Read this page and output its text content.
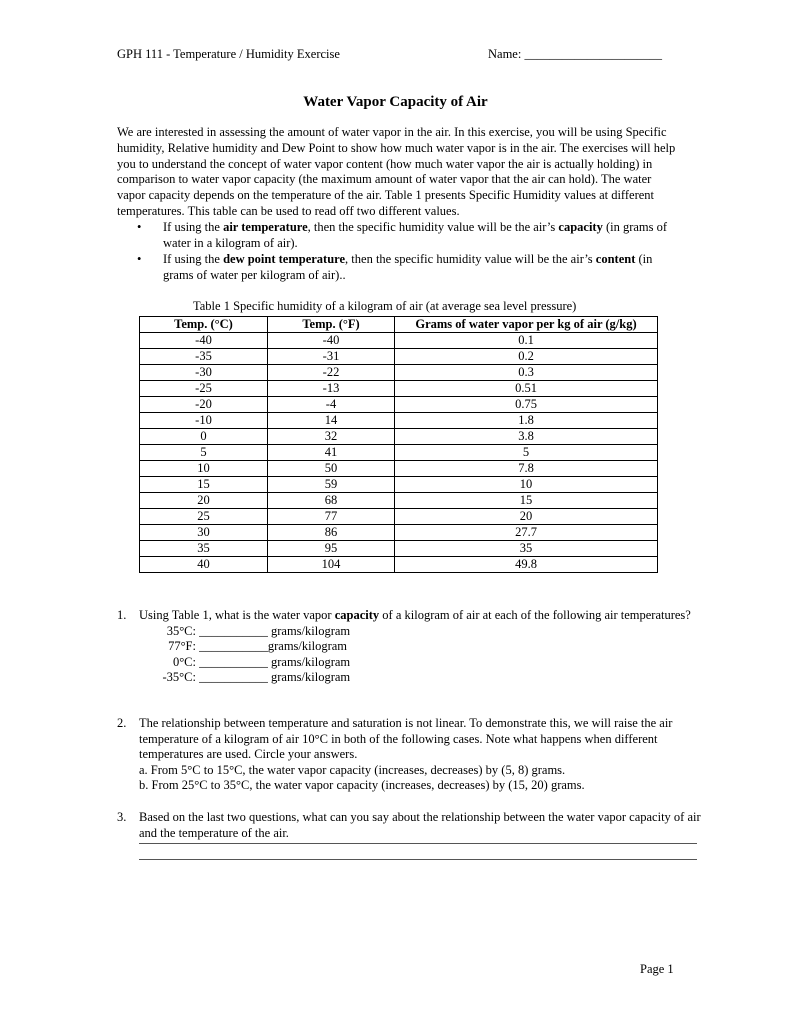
GPH 111 - Temperature / Humidity Exercise	Name: ______________________
Water Vapor Capacity of Air

We are interested in assessing the amount of water vapor in the air. In this exercise, you will be using Specific humidity, Relative humidity and Dew Point to show how much water vapor is in the air. The exercises will help you to understand the concept of water vapor content (how much water vapor the air is actually holding) in comparison to water vapor capacity (the maximum amount of water vapor that the air can hold). The water vapor capacity depends on the temperature of the air. Table 1 presents Specific Humidity values at different temperatures. This table can be used to read off two different values.

• If using the air temperature, then the specific humidity value will be the air’s capacity (in grams of water in a kilogram of air).
• If using the dew point temperature, then the specific humidity value will be the air’s content (in grams of water per kilogram of air)..
Table 1 Specific humidity of a kilogram of air (at average sea level pressure)
Temp. (°C)	Temp. (°F)	Grams of water vapor per kg of air (g/kg)
-40	-40	0.1
-35	-31	0.2
-30	-22	0.3
-25	-13	0.51
-20	-4	0.75
-10	14	1.8
0	32	3.8
5	41	5
10	50	7.8
15	59	10
20	68	15
25	77	20
30	86	27.7
35	95	35
40	104	49.8
1. Using Table 1, what is the water vapor capacity of a kilogram of air at each of the following air temperatures?
35°C: ___________ grams/kilogram
77°F: ___________grams/kilogram
0°C: ___________ grams/kilogram
-35°C: ___________ grams/kilogram
2. The relationship between temperature and saturation is not linear. To demonstrate this, we will raise the air temperature of a kilogram of air 10°C in both of the following cases. Note what happens when different temperatures are used. Circle your answers.
a. From 5°C to 15°C, the water vapor capacity (increases, decreases) by (5, 8) grams.
b. From 25°C to 35°C, the water vapor capacity (increases, decreases) by (15, 20) grams.
3. Based on the last two questions, what can you say about the relationship between the water vapor capacity of air and the temperature of the air.
Page 1
